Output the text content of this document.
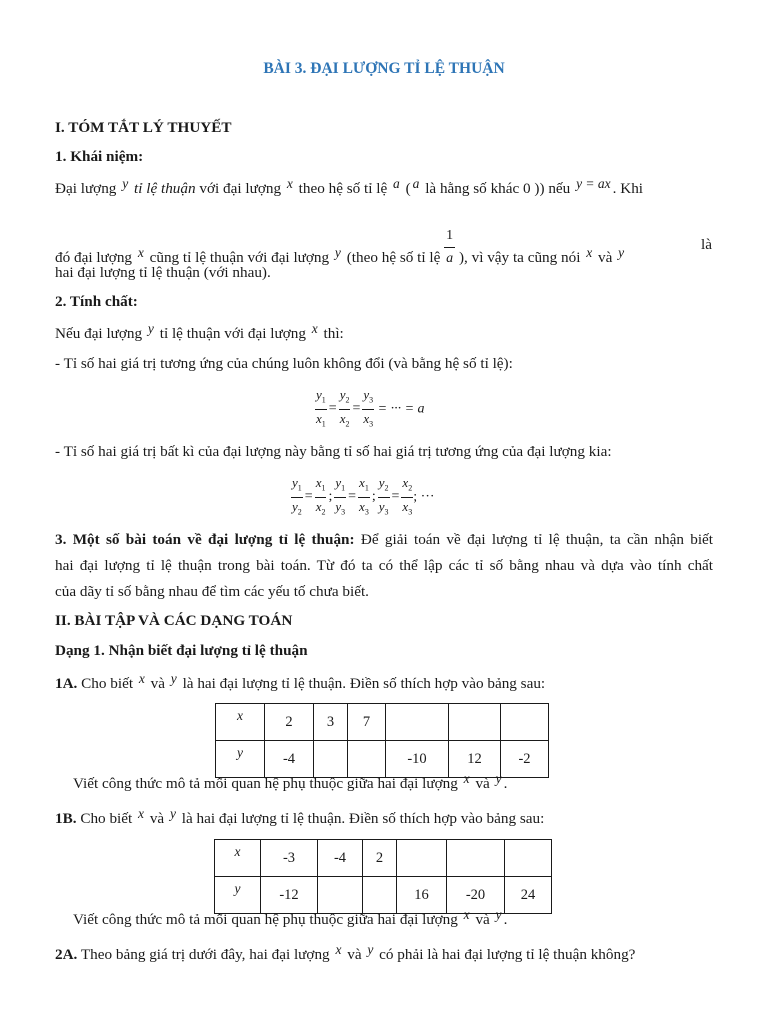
BÀI 3. ĐẠI LƯỢNG TỈ LỆ THUẬN
I. TÓM TẮT LÝ THUYẾT
1. Khái niệm:
Đại lượng y tỉ lệ thuận với đại lượng x theo hệ số tỉ lệ a ( a là hằng số khác 0 )) nếu y = ax . Khi
đó đại lượng x cũng tỉ lệ thuận với đại lượng y (theo hệ số tỉ lệ $\frac{1}{a}$ ), vì vậy ta cũng nói x và y	là
hai đại lượng tỉ lệ thuận (với nhau).
2. Tính chất:
Nếu đại lượng y tỉ lệ thuận với đại lượng x thì:
- Tỉ số hai giá trị tương ứng của chúng luôn không đổi (và bằng hệ số tỉ lệ):
$\frac{y_1}{x_1} = \frac{y_2}{x_2} = \frac{y_3}{x_3}$ = ··· = a
- Tỉ số hai giá trị bất kì của đại lượng này bằng tỉ số hai giá trị tương ứng của đại lượng kia:
$\frac{y_1}{y_2} = \frac{x_1}{x_2}$ ; $\frac{y_1}{y_3} = \frac{x_1}{x_3}$ ; $\frac{y_2}{y_3} = \frac{x_2}{x_3}$ ; ···
3. Một số bài toán về đại lượng tỉ lệ thuận: Để giải toán về đại lượng tỉ lệ thuận, ta cần nhận biết
hai đại lượng tỉ lệ thuận trong bài toán. Từ đó ta có thể lập các tỉ số bằng nhau và dựa vào tính chất
của dãy tỉ số bằng nhau để tìm các yếu tố chưa biết.
II. BÀI TẬP VÀ CÁC DẠNG TOÁN
Dạng 1. Nhận biết đại lượng tỉ lệ thuận
1A. Cho biết x và y là hai đại lượng tỉ lệ thuận. Điền số thích hợp vào bảng sau:
x	2	3	7			
y	-4			-10	12	-2
Viết công thức mô tả mối quan hệ phụ thuộc giữa hai đại lượng x và y .
1B. Cho biết x và y là hai đại lượng tỉ lệ thuận. Điền số thích hợp vào bảng sau:
x	-3	-4	2			
y	-12			16	-20	24
Viết công thức mô tả mối quan hệ phụ thuộc giữa hai đại lượng x và y .
2A. Theo bảng giá trị dưới đây, hai đại lượng x và y có phải là hai đại lượng tỉ lệ thuận không?
